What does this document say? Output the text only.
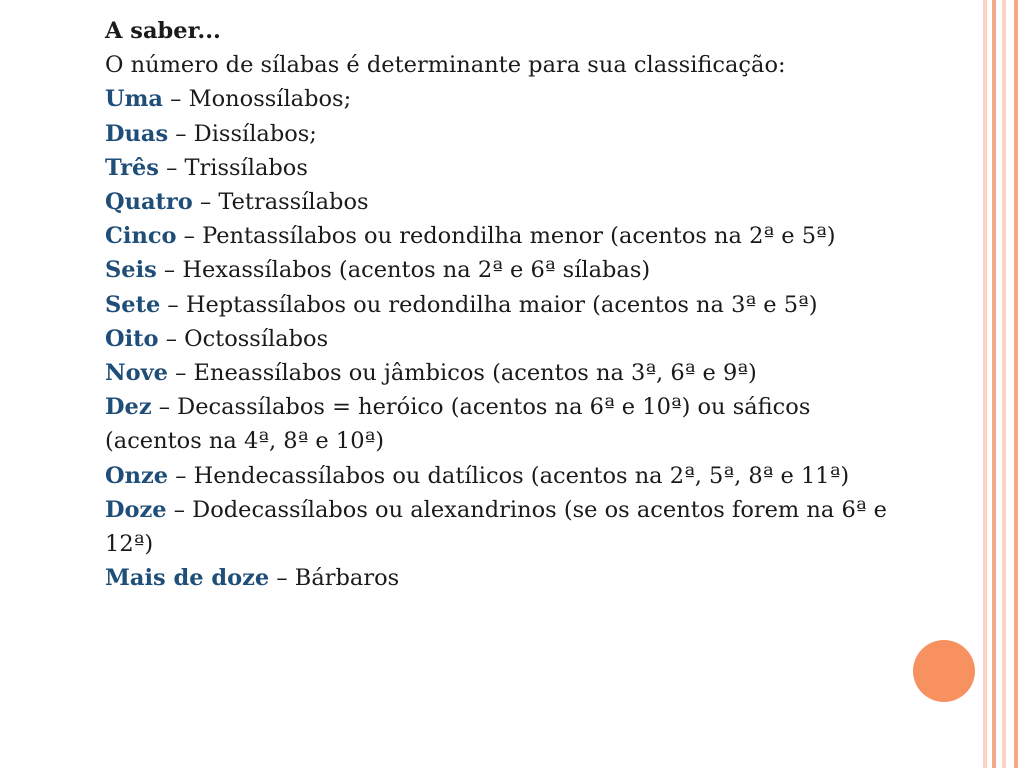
A saber...

O número de sílabas é determinante para sua classificação:

Uma – Monossílabos;

Duas – Dissílabos;

Três – Trissílabos

Quatro – Tetrassílabos

Cinco – Pentassílabos ou redondilha menor (acentos na 2ª e 5ª)

Seis – Hexassílabos (acentos na 2ª e 6ª sílabas)

Sete – Heptassílabos ou redondilha maior (acentos na 3ª e 5ª)

Oito – Octossílabos

Nove – Eneassílabos ou jâmbicos (acentos na 3ª, 6ª e 9ª)

Dez – Decassílabos = heróico (acentos na 6ª e 10ª) ou sáficos (acentos na 4ª, 8ª e 10ª)

Onze – Hendecassílabos ou datílicos (acentos na 2ª, 5ª, 8ª e 11ª)

Doze – Dodecassílabos ou alexandrinos (se os acentos forem na 6ª e 12ª)

Mais de doze – Bárbaros
